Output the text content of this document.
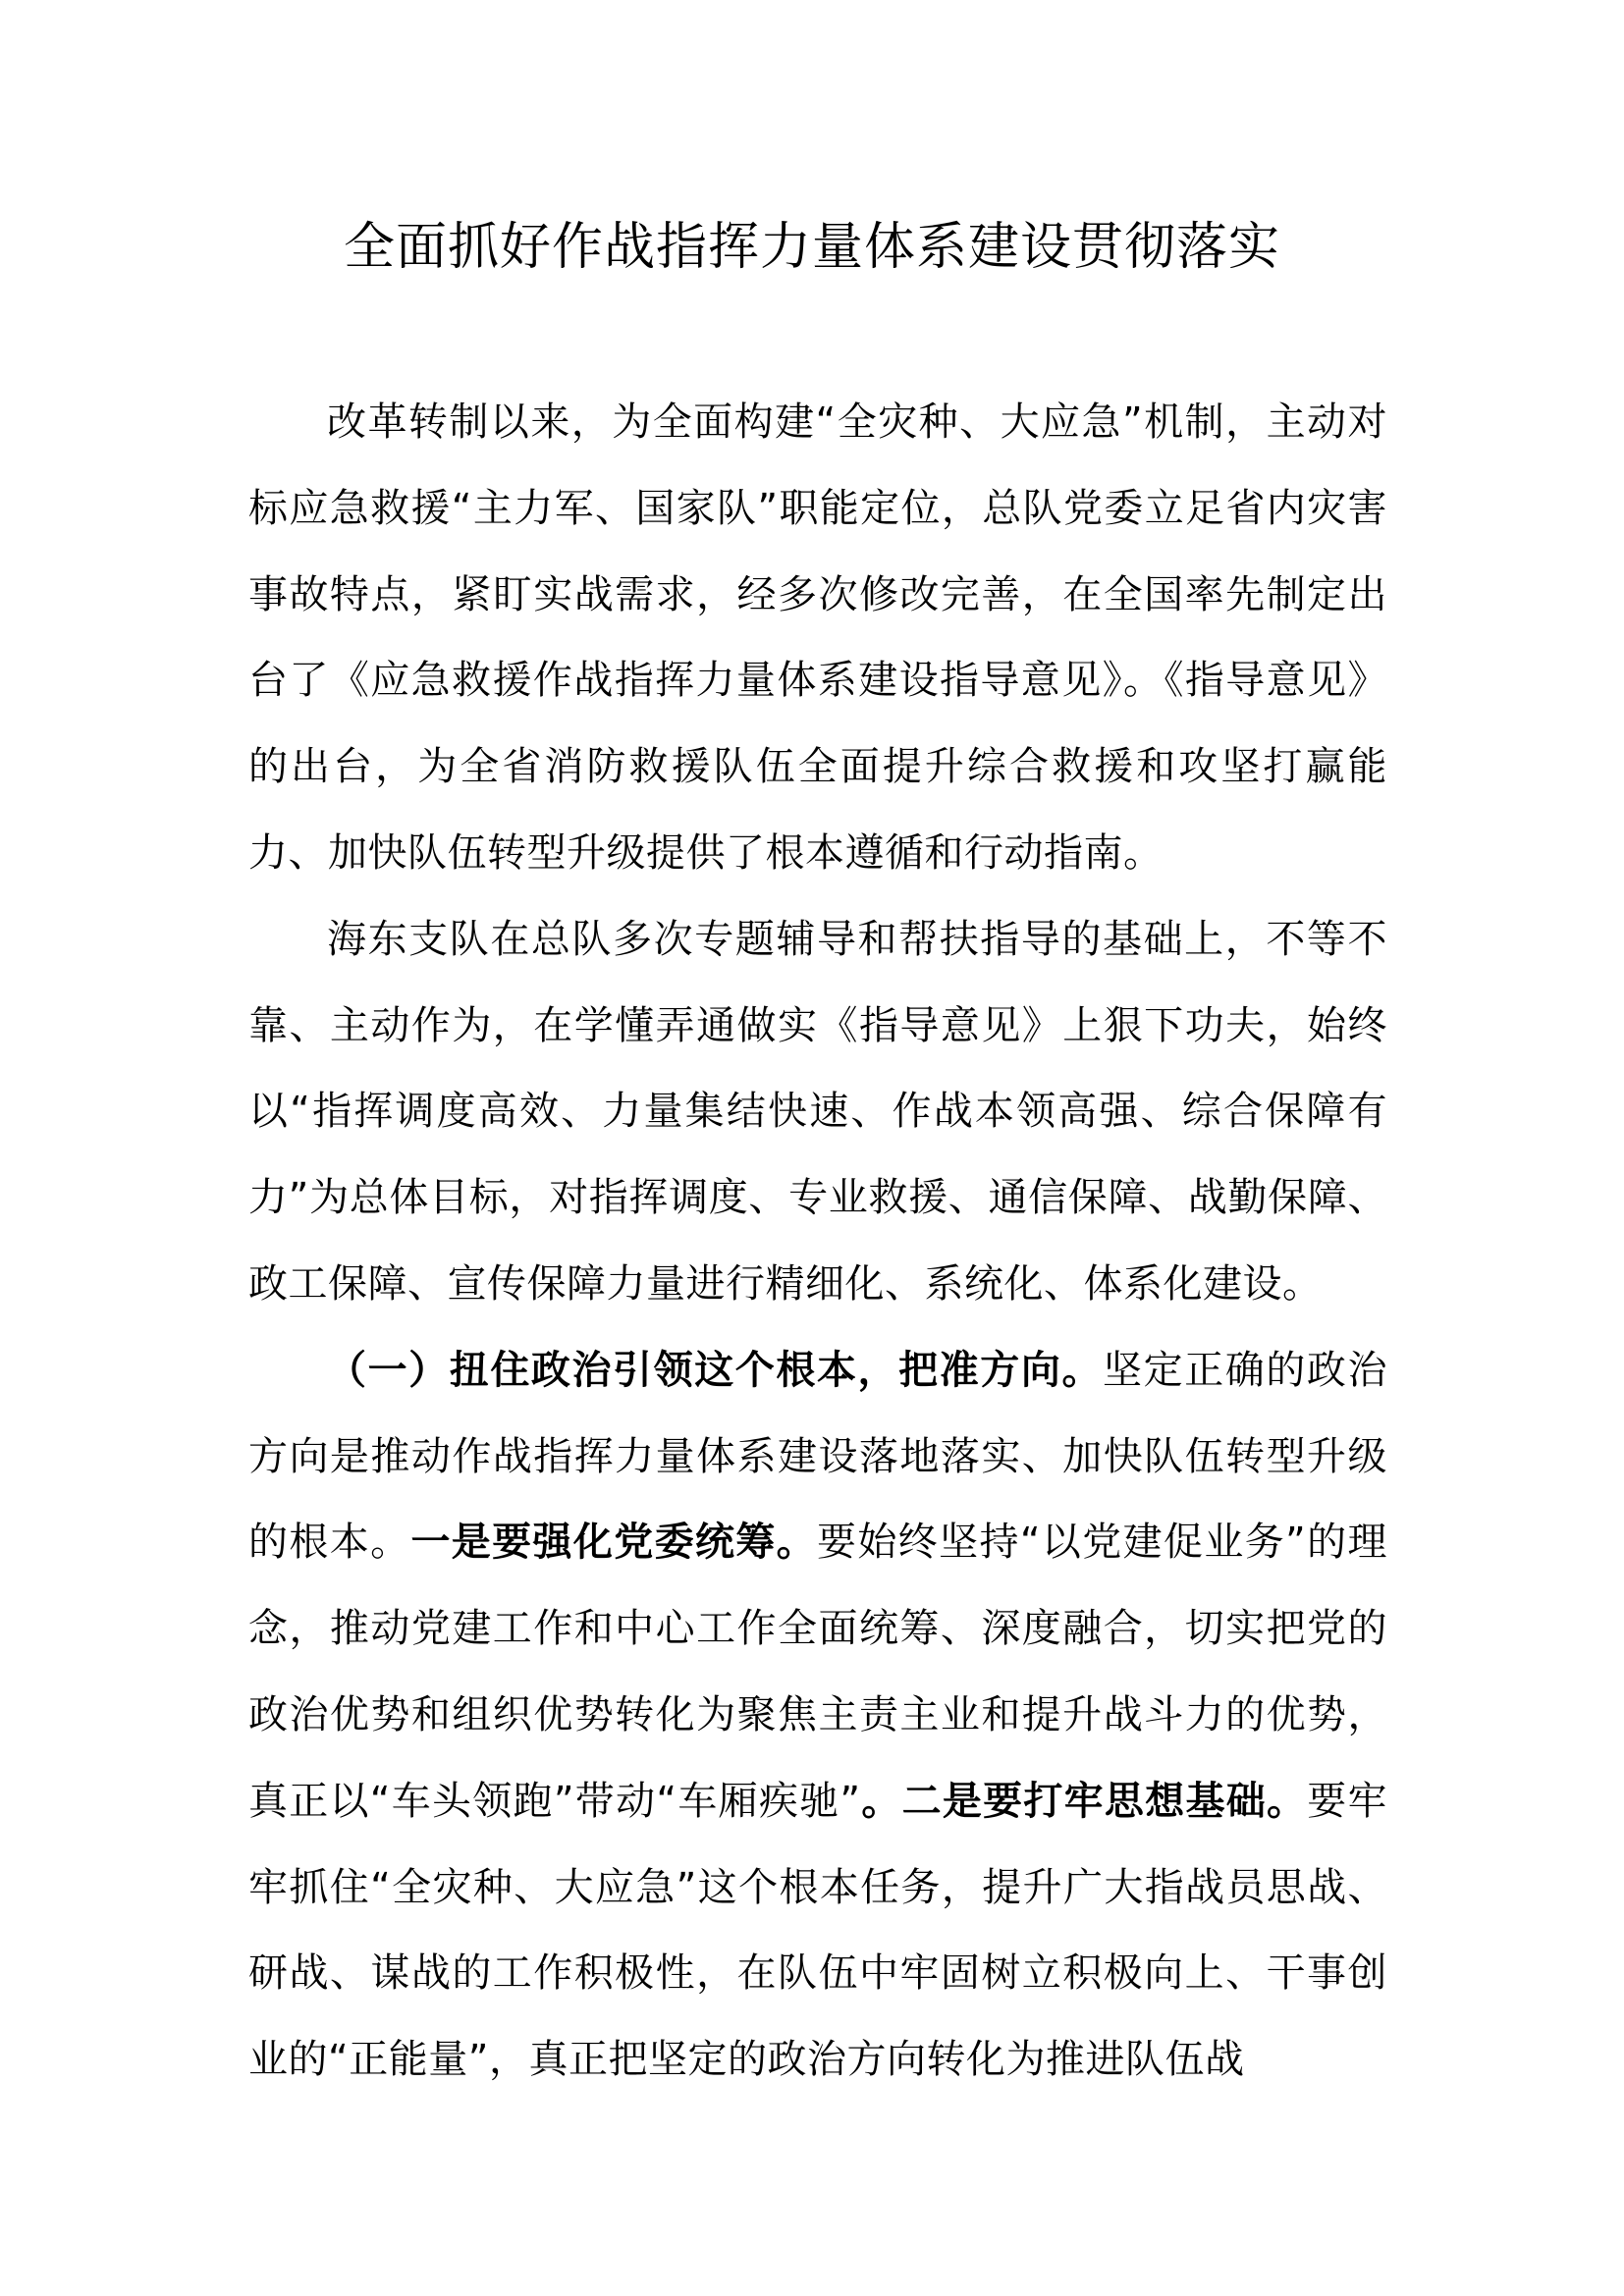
全面抓好作战指挥力量体系建设贯彻落实

改革转制以来，为全面构建“全灾种、大应急”机制，主动对标应急救援“主力军、国家队”职能定位，总队党委立足省内灾害事故特点，紧盯实战需求，经多次修改完善，在全国率先制定出台了《应急救援作战指挥力量体系建设指导意见》。《指导意见》的出台，为全省消防救援队伍全面提升综合救援和攻坚打赢能力、加快队伍转型升级提供了根本遵循和行动指南。

海东支队在总队多次专题辅导和帮扶指导的基础上，不等不靠、主动作为，在学懂弄通做实《指导意见》上狠下功夫，始终以“指挥调度高效、力量集结快速、作战本领高强、综合保障有力”为总体目标，对指挥调度、专业救援、通信保障、战勤保障、政工保障、宣传保障力量进行精细化、系统化、体系化建设。

（一）扭住政治引领这个根本，把准方向。坚定正确的政治方向是推动作战指挥力量体系建设落地落实、加快队伍转型升级的根本。一是要强化党委统筹。要始终坚持“以党建促业务”的理念，推动党建工作和中心工作全面统筹、深度融合，切实把党的政治优势和组织优势转化为聚焦主责主业和提升战斗力的优势，真正以“车头领跑”带动“车厢疾驰”。二是要打牢思想基础。要牢牢抓住“全灾种、大应急”这个根本任务，提升广大指战员思战、研战、谋战的工作积极性，在队伍中牢固树立积极向上、干事创业的“正能量”，真正把坚定的政治方向转化为推进队伍战
